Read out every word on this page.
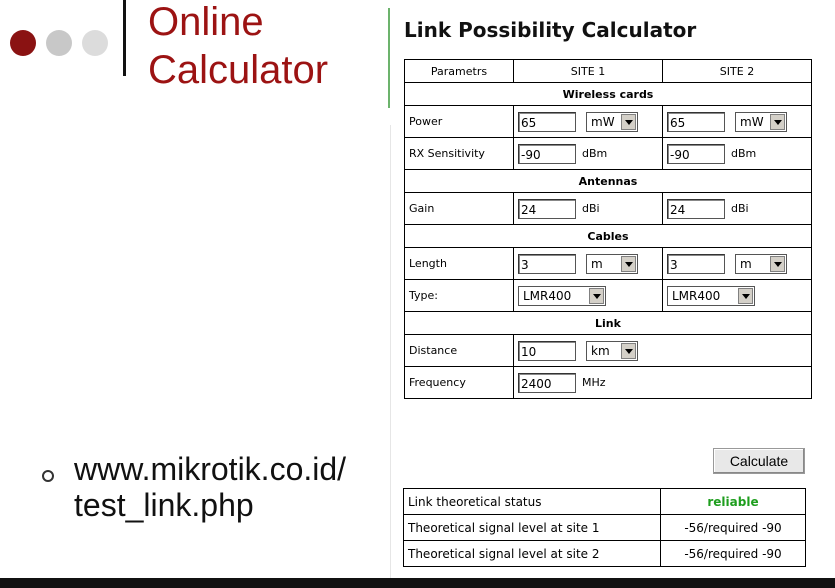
Online
Calculator
www.mikrotik.co.id/
test_link.php
Link Possibility Calculator
Parametrs	SITE 1	SITE 2
Wireless cards		
Power	65 mW	65 mW

RX Sensitivity	-90 dBm	-90 dBm
Antennas		
Gain	24 dBi	24 dBi
Cables		
Length	3 m	3 m

Type:	LMR400	LMR400

Link		
Distance	10 km	

Frequency	2400 MHz	
Calculate
Link theoretical status	reliable
Theoretical signal level at site 1	-56/required -90
Theoretical signal level at site 2	-56/required -90
